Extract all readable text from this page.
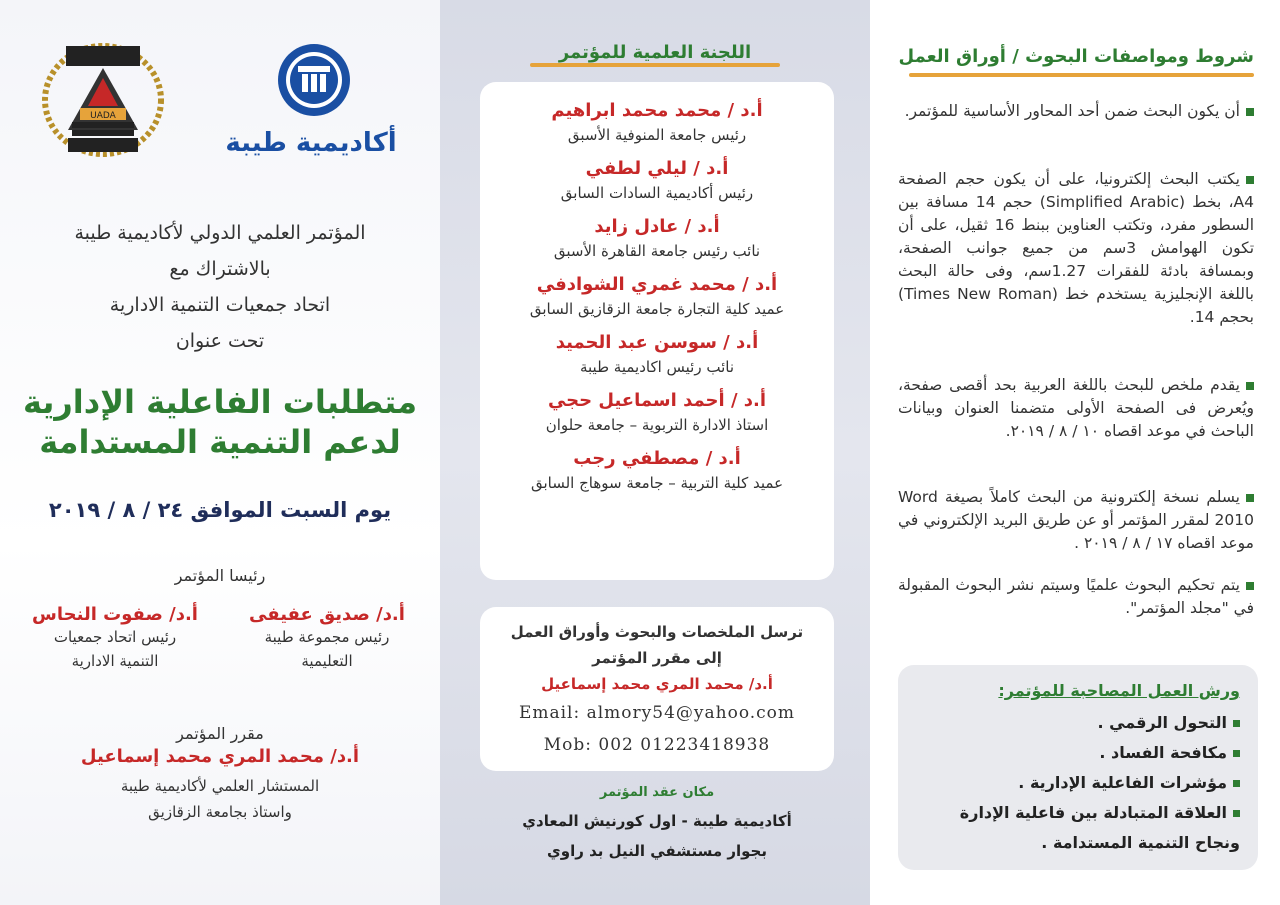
UADA
أكاديمية طيبة
المؤتمر العلمي الدولي لأكاديمية طيبة
بالاشتراك مع
اتحاد جمعيات التنمية الادارية
تحت عنوان
متطلبات الفاعلية الإدارية
لدعم التنمية المستدامة
يوم السبت الموافق ٢٤ / ٨ / ٢٠١٩
رئيسا المؤتمر
أ.د/ صديق عفيفى
رئيس مجموعة طيبة
التعليمية
أ.د/ صفوت النحاس
رئيس اتحاد جمعيات
التنمية الادارية
مقرر المؤتمر
أ.د/ محمد المري محمد إسماعيل
المستشار العلمي لأكاديمية طيبة
واستاذ بجامعة الزقازيق
اللجنة العلمية للمؤتمر
أ.د / محمد محمد ابراهيم
رئيس جامعة المنوفية الأسبق
أ.د / ليلي لطفي
رئيس أكاديمية السادات السابق
أ.د / عادل زايد
نائب رئيس جامعة القاهرة الأسبق
أ.د / محمد غمري الشوادفي
عميد كلية التجارة جامعة الزقازيق السابق
أ.د / سوسن عبد الحميد
نائب رئيس اكاديمية طيبة
أ.د / أحمد اسماعيل حجي
استاذ الادارة التربوية – جامعة حلوان
أ.د / مصطفي رجب
عميد كلية التربية – جامعة سوهاج السابق
ترسل الملخصات والبحوث وأوراق العمل
إلى مقرر المؤتمر
أ.د/ محمد المري محمد إسماعيل
Email: almory54@yahoo.com
Mob: 002 01223418938
مكان عقد المؤتمر
أكاديمية طيبة - اول كورنيش المعادي
بجوار مستشفي النيل بد راوي
شروط ومواصفات البحوث / أوراق العمل
أن يكون البحث ضمن أحد المحاور الأساسية للمؤتمر.
يكتب البحث إلكترونيا، على أن يكون حجم الصفحة A4، بخط (Simplified Arabic) حجم 14 مسافة بين السطور مفرد، وتكتب العناوين ببنط 16 ثقيل، على أن تكون الهوامش 3سم من جميع جوانب الصفحة، وبمسافة بادئة للفقرات 1.27سم، وفى حالة البحث باللغة الإنجليزية يستخدم خط (Times New Roman) بحجم 14.
يقدم ملخص للبحث باللغة العربية بحد أقصى صفحة، ويُعرض فى الصفحة الأولى متضمنا العنوان وبيانات الباحث في موعد اقصاه ١٠ / ٨ / ٢٠١٩.
يسلم نسخة إلكترونية من البحث كاملاً بصيغة Word 2010 لمقرر المؤتمر أو عن طريق البريد الإلكتروني في موعد اقصاه ١٧ / ٨ / ٢٠١٩ .
يتم تحكيم البحوث علميًا وسيتم نشر البحوث المقبولة في "مجلد المؤتمر".
ورش العمل المصاحبة للمؤتمر:
التحول الرقمي .
مكافحة الفساد .
مؤشرات الفاعلية الإدارية .
العلاقة المتبادلة بين فاعلية الإدارة ونجاح التنمية المستدامة .
